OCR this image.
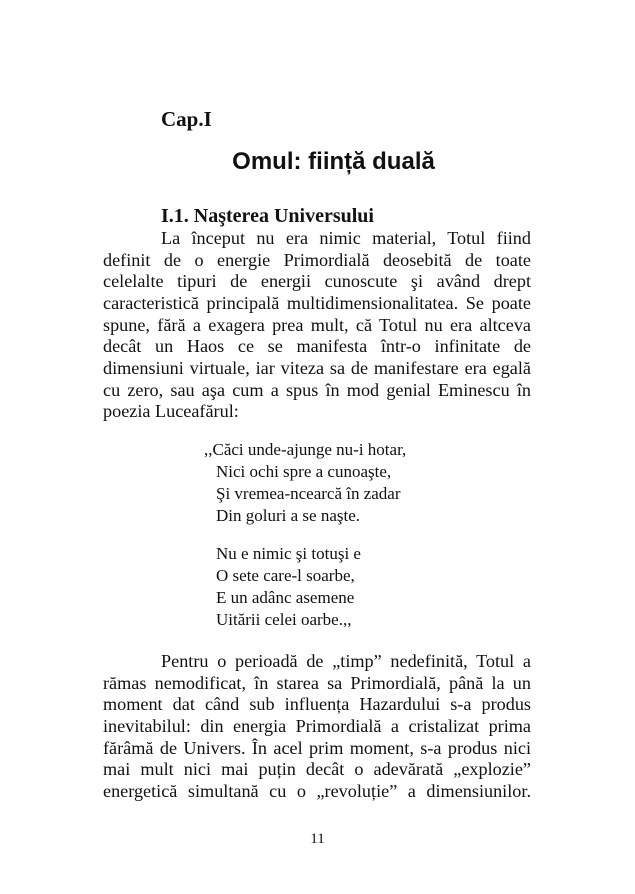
Cap.I
Omul: ființă duală
I.1. Naşterea Universului
La început nu era nimic material, Totul fiind
definit de o energie Primordială deosebită de toate
celelalte tipuri de energii cunoscute şi având drept
caracteristică principală multidimensionalitatea. Se poate
spune, fără a exagera prea mult, că Totul nu era altceva
decât un Haos ce se manifesta într-o infinitate de
dimensiuni virtuale, iar viteza sa de manifestare era egală
cu zero, sau aşa cum a spus în mod genial Eminescu în
poezia Luceafărul:
,,Căci unde-ajunge nu-i hotar,
Nici ochi spre a cunoaşte,
Şi vremea-ncearcă în zadar
Din goluri a se naşte.
Nu e nimic şi totuşi e
O sete care-l soarbe,
E un adânc asemene
Uitării celei oarbe.,,
Pentru o perioadă de „timp” nedefinită, Totul a
rămas nemodificat, în starea sa Primordială, până la un
moment dat când sub influența Hazardului s-a produs
inevitabilul: din energia Primordială a cristalizat prima
fărâmă de Univers. În acel prim moment, s-a produs nici
mai mult nici mai puțin decât o adevărată „explozie”
energetică simultană cu o „revoluție” a dimensiunilor.
11
